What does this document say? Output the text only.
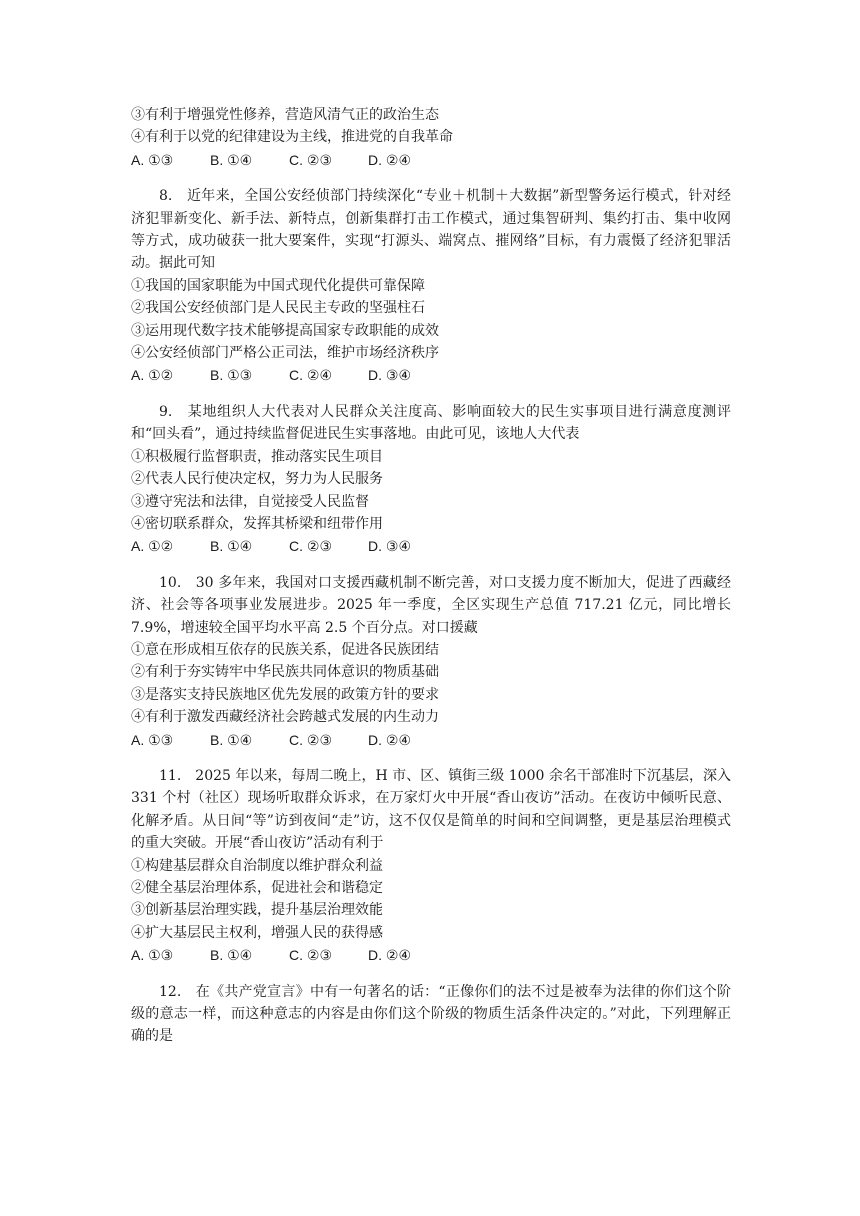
③有利于增强党性修养，营造风清气正的政治生态
④有利于以党的纪律建设为主线，推进党的自我革命
A. ①③	B. ①④	C. ②③	D. ②④
8.　近年来，全国公安经侦部门持续深化“专业＋机制＋大数据”新型警务运行模式，针对经济犯罪新变化、新手法、新特点，创新集群打击工作模式，通过集智研判、集约打击、集中收网等方式，成功破获一批大要案件，实现“打源头、端窝点、摧网络”目标，有力震慑了经济犯罪活动。据此可知
①我国的国家职能为中国式现代化提供可靠保障
②我国公安经侦部门是人民民主专政的坚强柱石
③运用现代数字技术能够提高国家专政职能的成效
④公安经侦部门严格公正司法，维护市场经济秩序
A. ①②	B. ①③	C. ②④	D. ③④
9.　某地组织人大代表对人民群众关注度高、影响面较大的民生实事项目进行满意度测评和“回头看”，通过持续监督促进民生实事落地。由此可见，该地人大代表
①积极履行监督职责，推动落实民生项目
②代表人民行使决定权，努力为人民服务
③遵守宪法和法律，自觉接受人民监督
④密切联系群众，发挥其桥梁和纽带作用
A. ①②	B. ①④	C. ②③	D. ③④
10.　30 多年来，我国对口支援西藏机制不断完善，对口支援力度不断加大，促进了西藏经济、社会等各项事业发展进步。2025 年一季度，全区实现生产总值 717.21 亿元，同比增长 7.9%，增速较全国平均水平高 2.5 个百分点。对口援藏
①意在形成相互依存的民族关系，促进各民族团结
②有利于夯实铸牢中华民族共同体意识的物质基础
③是落实支持民族地区优先发展的政策方针的要求
④有利于激发西藏经济社会跨越式发展的内生动力
A. ①③	B. ①④	C. ②③	D. ②④
11.　2025 年以来，每周二晚上，H 市、区、镇街三级 1000 余名干部准时下沉基层，深入 331 个村（社区）现场听取群众诉求，在万家灯火中开展“香山夜访”活动。在夜访中倾听民意、化解矛盾。从日间“等”访到夜间“走”访，这不仅仅是简单的时间和空间调整，更是基层治理模式的重大突破。开展“香山夜访”活动有利于
①构建基层群众自治制度以维护群众利益
②健全基层治理体系，促进社会和谐稳定
③创新基层治理实践，提升基层治理效能
④扩大基层民主权利，增强人民的获得感
A. ①③	B. ①④	C. ②③	D. ②④
12.　在《共产党宣言》中有一句著名的话：“正像你们的法不过是被奉为法律的你们这个阶级的意志一样，而这种意志的内容是由你们这个阶级的物质生活条件决定的。”对此，下列理解正确的是
